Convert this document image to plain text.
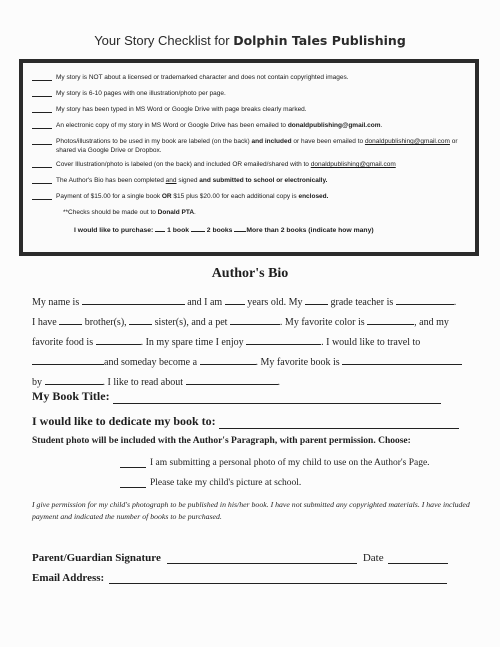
Your Story Checklist for Dolphin Tales Publishing
My story is NOT about a licensed or trademarked character and does not contain copyrighted images.
My story is 6-10 pages with one illustration/photo per page.
My story has been typed in MS Word or Google Drive with page breaks clearly marked.
An electronic copy of my story in MS Word or Google Drive has been emailed to donaldpublishing@gmail.com.
Photos/illustrations to be used in my book are labeled (on the back) and included or have been emailed to donaldpublishing@gmail.com or shared via Google Drive or Dropbox.
Cover Illustration/photo is labeled (on the back) and included OR emailed/shared with to donaldpublishing@gmail.com
The Author's Bio has been completed and signed and submitted to school or electronically.
Payment of $15.00 for a single book OR $15 plus $20.00 for each additional copy is enclosed.
**Checks should be made out to Donald PTA.
I would like to purchase: 1 book	2 books More than 2 books (indicate how many)
Author's Bio
My name is	and I am	years old. My	grade teacher is	.
I have	brother(s),	sister(s), and a pet	. My favorite color is	, and my
favorite food is	. In my spare time I enjoy	. I would like to travel to
and someday become a	. My favorite book is
by	. I like to read about	.
My Book Title:
I would like to dedicate my book to:
Student photo will be included with the Author's Paragraph, with parent permission. Choose:
I am submitting a personal photo of my child to use on the Author's Page.
Please take my child's picture at school.
I give permission for my child's photograph to be published in his/her book. I have not submitted any copyrighted materials. I have included payment and indicated the number of books to be purchased.
Parent/Guardian Signature	Date
Email Address:
